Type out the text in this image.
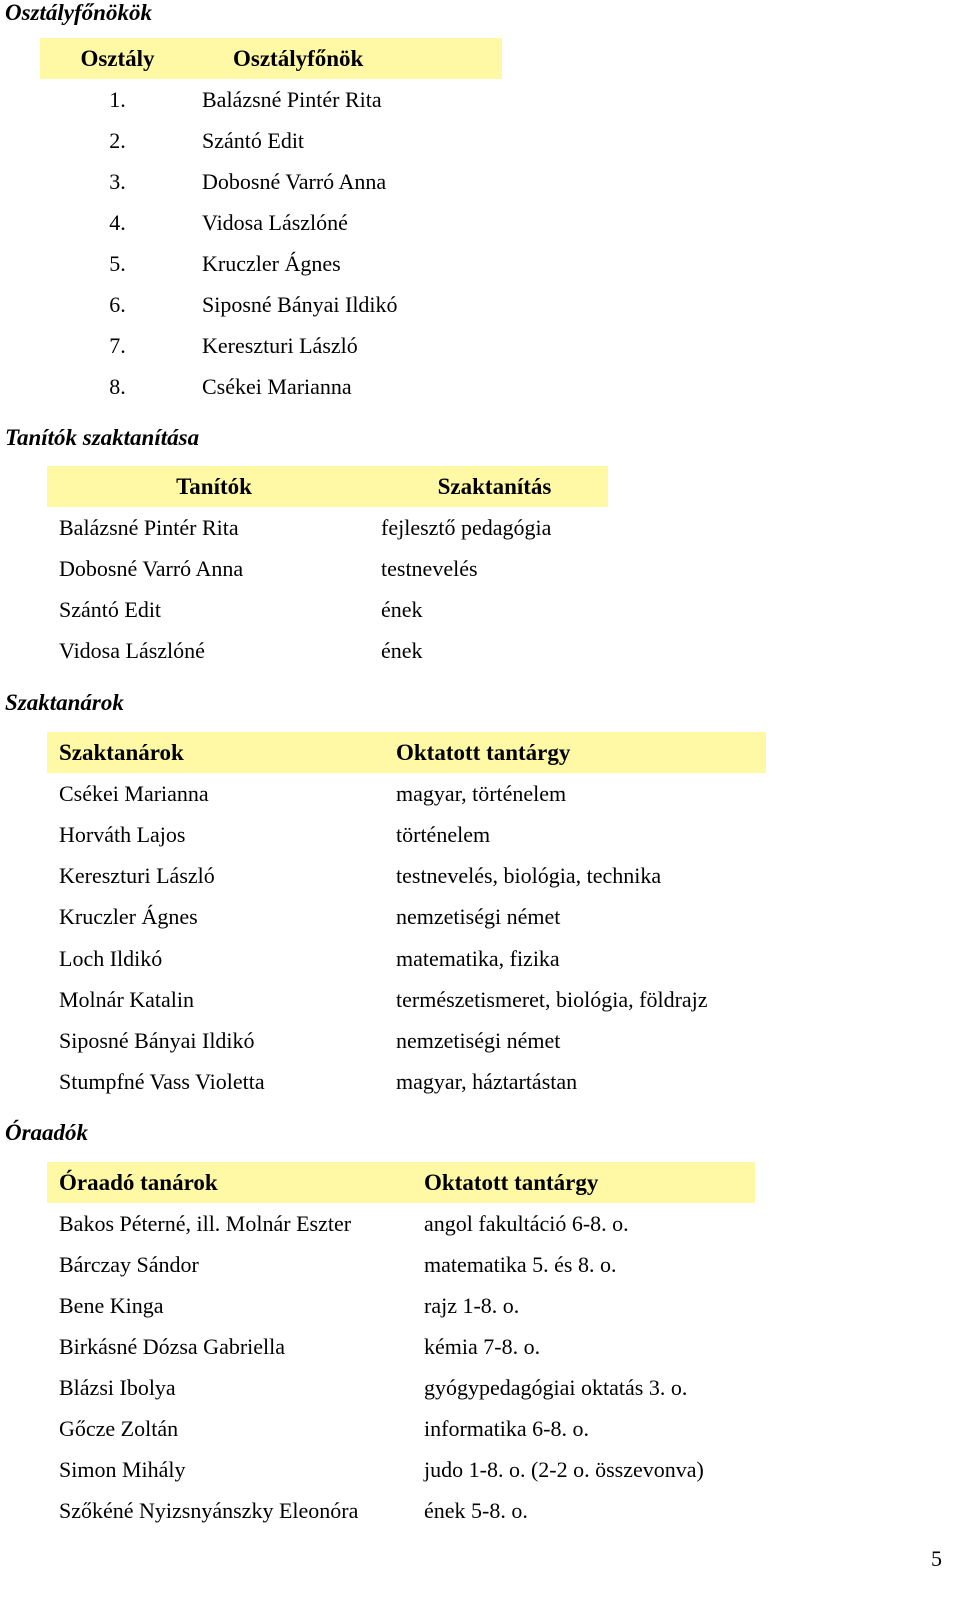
Osztályfőnökök
Osztály	Osztályfőnök
1.	Balázsné Pintér Rita
2.	Szántó Edit
3.	Dobosné Varró Anna
4.	Vidosa Lászlóné
5.	Kruczler Ágnes
6.	Siposné Bányai Ildikó
7.	Kereszturi László
8.	Csékei Marianna
Tanítók szaktanítása
Tanítók	Szaktanítás
Balázsné Pintér Rita	fejlesztő pedagógia
Dobosné Varró Anna	testnevelés
Szántó Edit	ének
Vidosa Lászlóné	ének
Szaktanárok
Szaktanárok	Oktatott tantárgy
Csékei Marianna	magyar, történelem
Horváth Lajos	történelem
Kereszturi László	testnevelés, biológia, technika
Kruczler Ágnes	nemzetiségi német
Loch Ildikó	matematika, fizika
Molnár Katalin	természetismeret, biológia, földrajz
Siposné Bányai Ildikó	nemzetiségi német
Stumpfné Vass Violetta	magyar, háztartástan
Óraadók
Óraadó tanárok	Oktatott tantárgy
Bakos Péterné, ill. Molnár Eszter	angol fakultáció 6-8. o.
Bárczay Sándor	matematika 5. és 8. o.
Bene Kinga	rajz 1-8. o.
Birkásné Dózsa Gabriella	kémia 7-8. o.
Blázsi Ibolya	gyógypedagógiai oktatás 3. o.
Gőcze Zoltán	informatika 6-8. o.
Simon Mihály	judo 1-8. o. (2-2 o. összevonva)
Szőkéné Nyizsnyánszky Eleonóra	ének 5-8. o.
5
